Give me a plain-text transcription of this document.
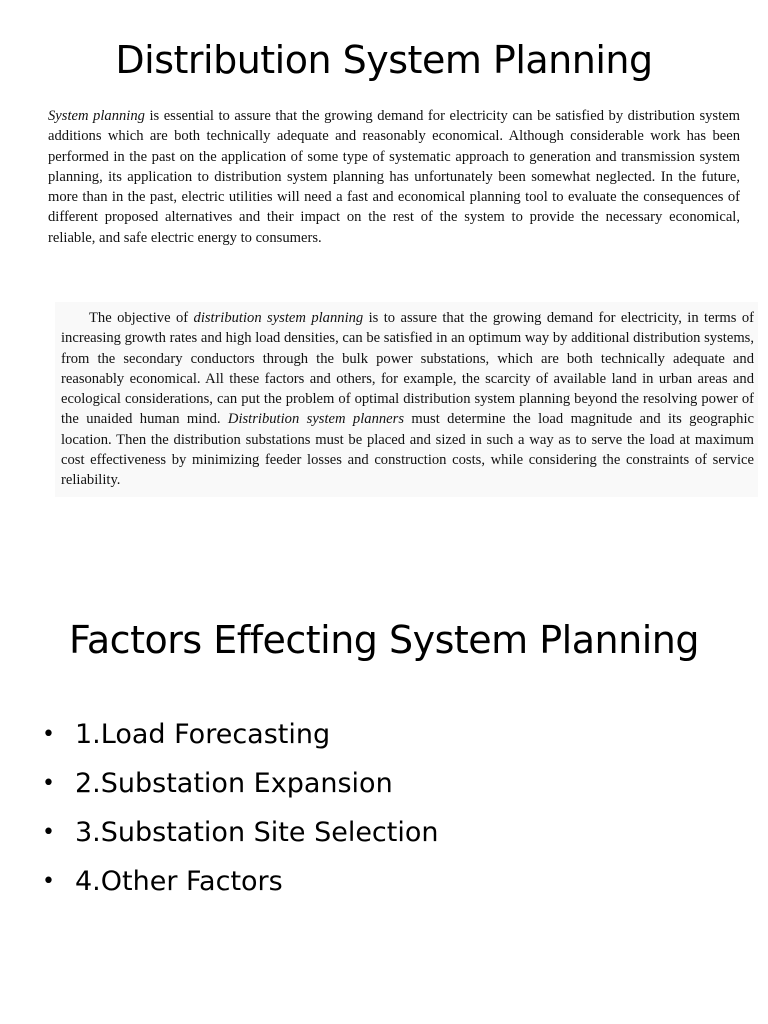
Distribution System Planning

System planning is essential to assure that the growing demand for electricity can be satisfied by distribution system additions which are both technically adequate and reasonably economical. Although considerable work has been performed in the past on the application of some type of systematic approach to generation and transmission system planning, its application to distribution system planning has unfortunately been somewhat neglected. In the future, more than in the past, electric utilities will need a fast and economical planning tool to evaluate the consequences of different proposed alternatives and their impact on the rest of the system to provide the necessary economical, reliable, and safe electric energy to consumers.

The objective of distribution system planning is to assure that the growing demand for electricity, in terms of increasing growth rates and high load densities, can be satisfied in an optimum way by additional distribution systems, from the secondary conductors through the bulk power substations, which are both technically adequate and reasonably economical. All these factors and others, for example, the scarcity of available land in urban areas and ecological considerations, can put the problem of optimal distribution system planning beyond the resolving power of the unaided human mind. Distribution system planners must determine the load magnitude and its geographic location. Then the distribution substations must be placed and sized in such a way as to serve the load at maximum cost effectiveness by minimizing feeder losses and construction costs, while considering the constraints of service reliability.

Factors Effecting System Planning
• 1.Load Forecasting
• 2.Substation Expansion
• 3.Substation Site Selection
• 4.Other Factors
